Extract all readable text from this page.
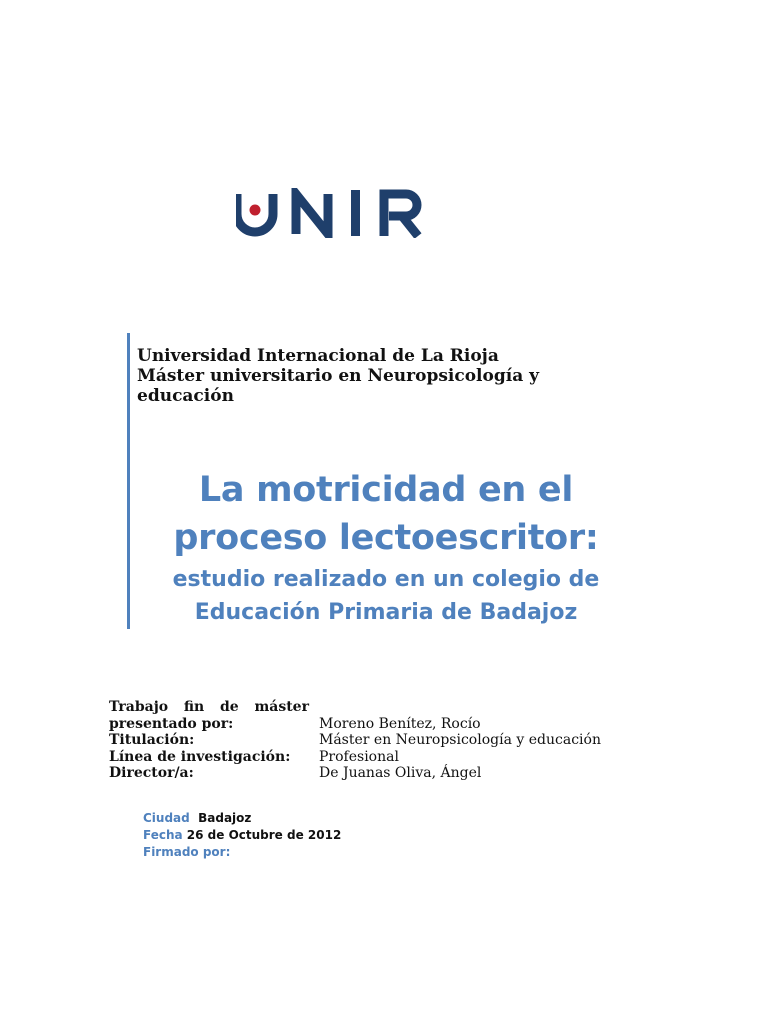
Universidad Internacional de La Rioja
Máster universitario en Neuropsicología y
educación
La motricidad en el
proceso lectoescritor:
estudio realizado en un colegio de
Educación Primaria de Badajoz
Trabajo fin de máster
presentado por:	Moreno Benítez, Rocío
Titulación:	Máster en Neuropsicología y educación
Línea de investigación:	Profesional
Director/a:	De Juanas Oliva, Ángel
Ciudad Badajoz
Fecha 26 de Octubre de 2012
Firmado por:
